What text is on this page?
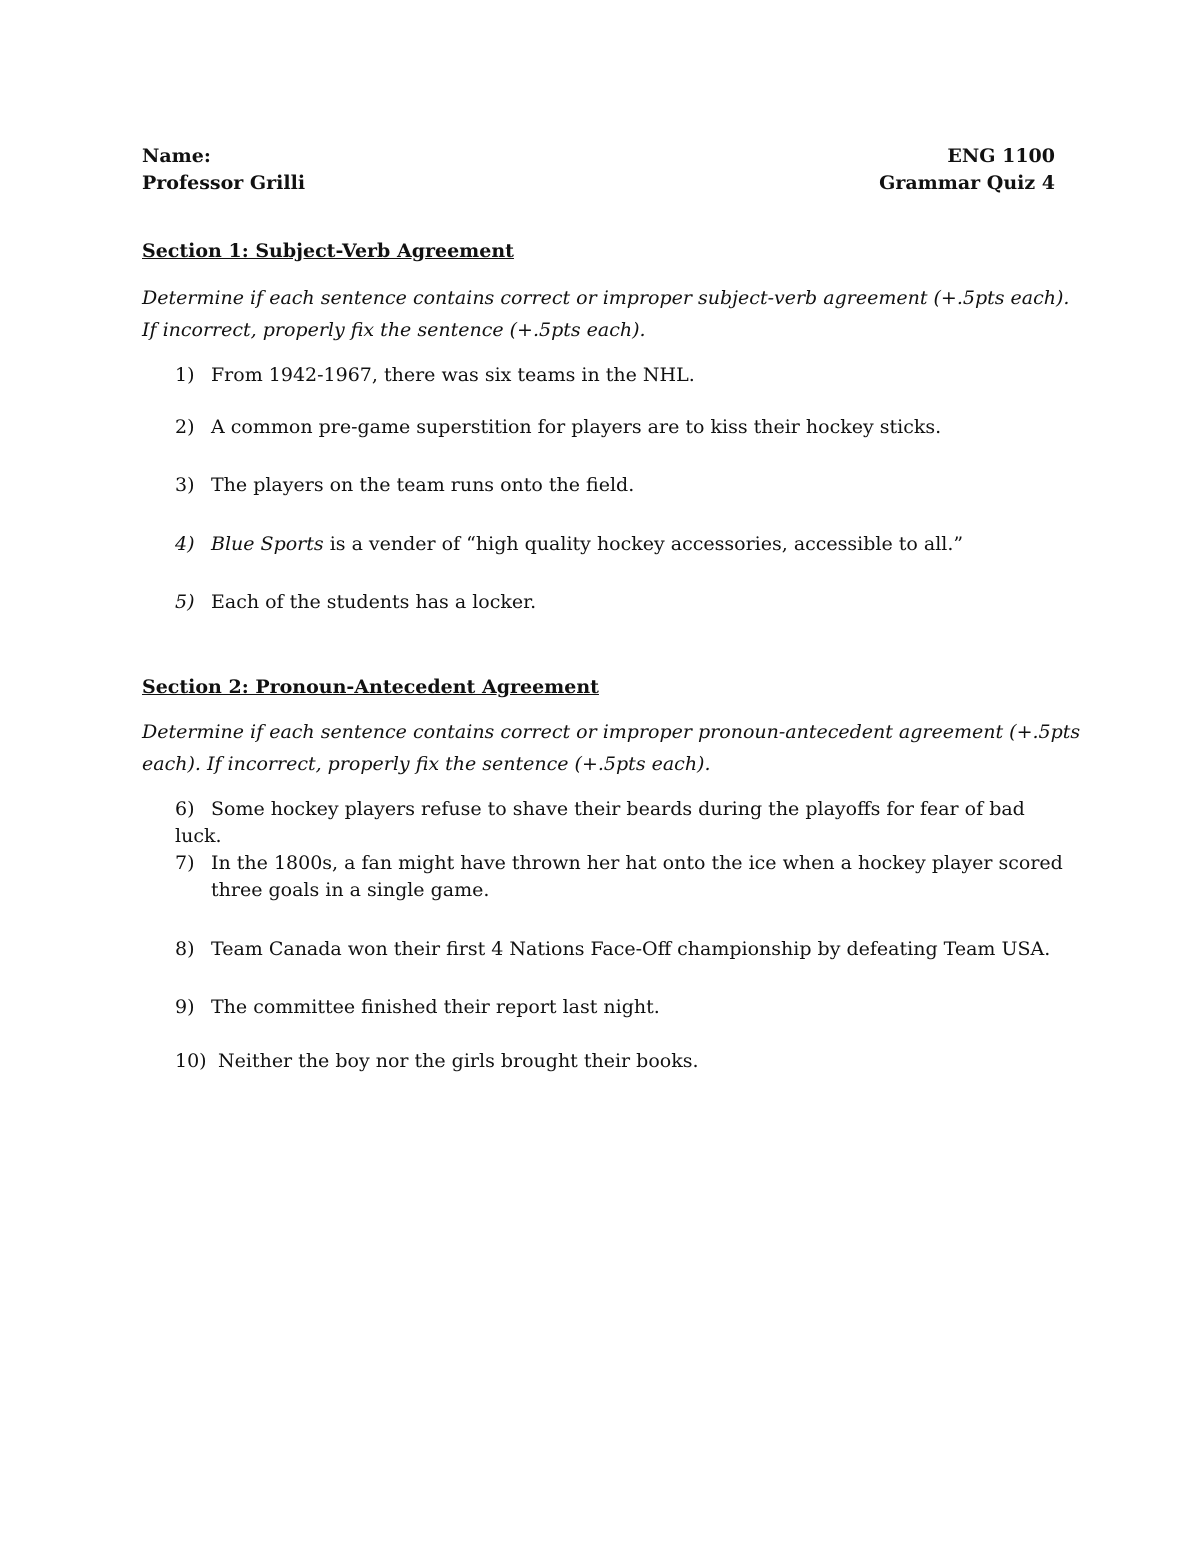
Name:
Professor Grilli
ENG 1100
Grammar Quiz 4
Section 1: Subject-Verb Agreement
Determine if each sentence contains correct or improper subject-verb agreement (+.5pts each).
If incorrect, properly fix the sentence (+.5pts each).
1) From 1942-1967, there was six teams in the NHL.
2) A common pre-game superstition for players are to kiss their hockey sticks.
3) The players on the team runs onto the field.
4) Blue Sports is a vender of “high quality hockey accessories, accessible to all.”
5) Each of the students has a locker.
Section 2: Pronoun-Antecedent Agreement
Determine if each sentence contains correct or improper pronoun-antecedent agreement (+.5pts
each). If incorrect, properly fix the sentence (+.5pts each).
6) Some hockey players refuse to shave their beards during the playoffs for fear of bad luck.
7) In the 1800s, a fan might have thrown her hat onto the ice when a hockey player scored
three goals in a single game.
8) Team Canada won their first 4 Nations Face-Off championship by defeating Team USA.
9) The committee finished their report last night.
10) Neither the boy nor the girls brought their books.
